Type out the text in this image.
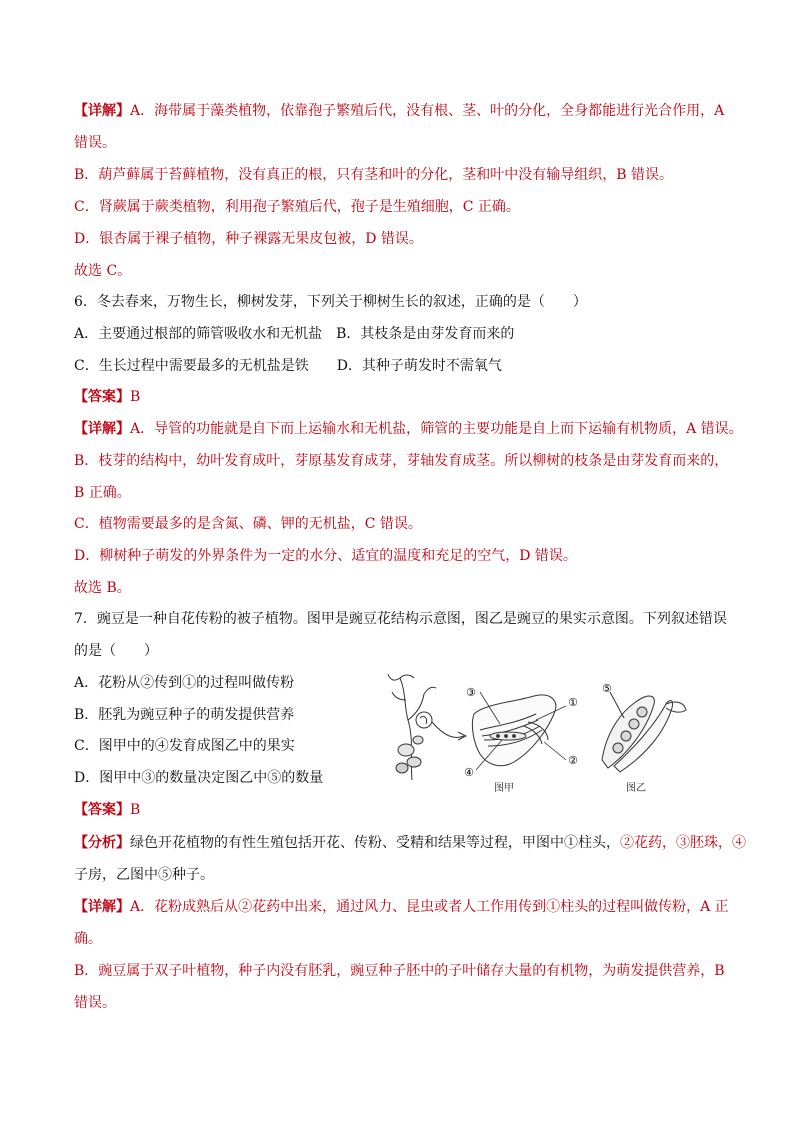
【详解】A．海带属于藻类植物，依靠孢子繁殖后代，没有根、茎、叶的分化，全身都能进行光合作用，A
错误。
B．葫芦藓属于苔藓植物，没有真正的根，只有茎和叶的分化，茎和叶中没有输导组织，B 错误。
C．肾蕨属于蕨类植物，利用孢子繁殖后代，孢子是生殖细胞，C 正确。
D．银杏属于裸子植物，种子裸露无果皮包被，D 错误。
故选 C。
6．冬去春来，万物生长，柳树发芽，下列关于柳树生长的叙述，正确的是（　　）
A．主要通过根部的筛管吸收水和无机盐　B．其枝条是由芽发育而来的
C．生长过程中需要最多的无机盐是铁　　D．其种子萌发时不需氧气
【答案】B
【详解】A．导管的功能就是自下而上运输水和无机盐，筛管的主要功能是自上而下运输有机物质，A 错误。
B．枝芽的结构中，幼叶发育成叶，芽原基发育成芽，芽轴发育成茎。所以柳树的枝条是由芽发育而来的，
B 正确。
C．植物需要最多的是含氮、磷、钾的无机盐，C 错误。
D．柳树种子萌发的外界条件为一定的水分、适宜的温度和充足的空气，D 错误。
故选 B。
7．豌豆是一种自花传粉的被子植物。图甲是豌豆花结构示意图，图乙是豌豆的果实示意图。下列叙述错误
的是（　　）
A．花粉从②传到①的过程叫做传粉
B．胚乳为豌豆种子的萌发提供营养
C．图甲中的④发育成图乙中的果实
D．图甲中③的数量决定图乙中⑤的数量
③
①
②
④
图甲
⑤
图乙
【答案】B
【分析】绿色开花植物的有性生殖包括开花、传粉、受精和结果等过程，甲图中①柱头，②花药，③胚珠，④
子房，乙图中⑤种子。
【详解】A．花粉成熟后从②花药中出来，通过风力、昆虫或者人工作用传到①柱头的过程叫做传粉，A 正
确。
B．豌豆属于双子叶植物，种子内没有胚乳，豌豆种子胚中的子叶储存大量的有机物，为萌发提供营养，B
错误。
